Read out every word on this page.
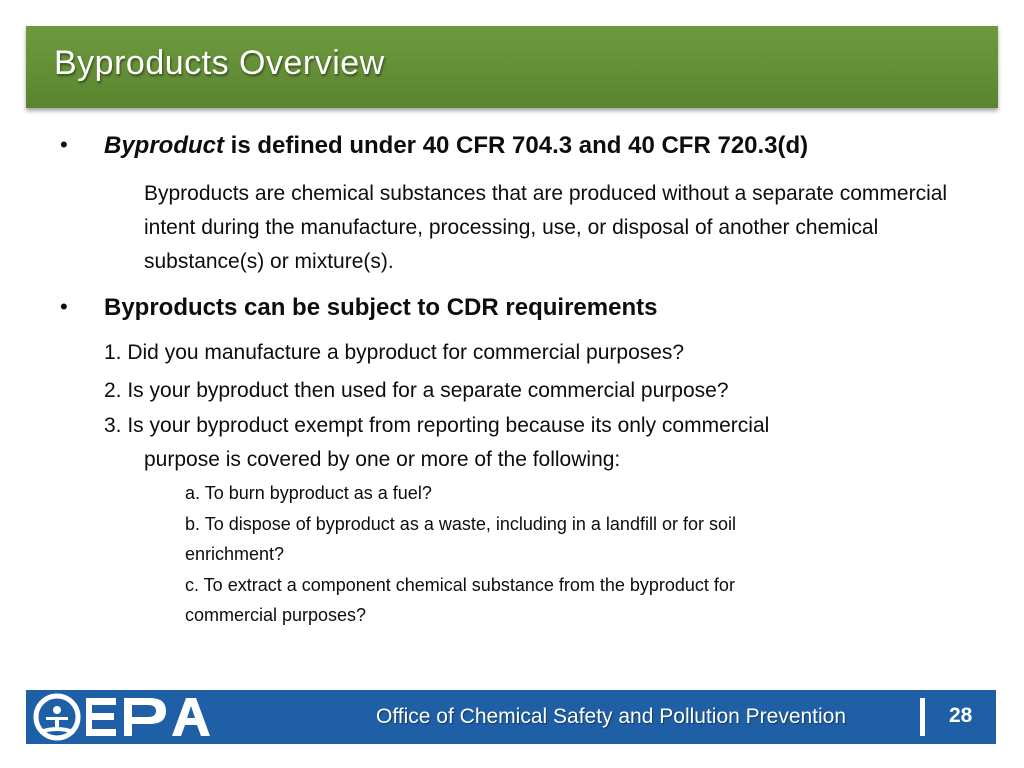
Byproducts Overview
• Byproduct is defined under 40 CFR 704.3 and 40 CFR 720.3(d)
Byproducts are chemical substances that are produced without a separate commercial intent during the manufacture, processing, use, or disposal of another chemical substance(s) or mixture(s).
• Byproducts can be subject to CDR requirements
1. Did you manufacture a byproduct for commercial purposes?
2. Is your byproduct then used for a separate commercial purpose?
3. Is your byproduct exempt from reporting because its only commercial
purpose is covered by one or more of the following:
a. To burn byproduct as a fuel?
b. To dispose of byproduct as a waste, including in a landfill or for soil
enrichment?
c. To extract a component chemical substance from the byproduct for
commercial purposes?
Office of Chemical Safety and Pollution Prevention	28
